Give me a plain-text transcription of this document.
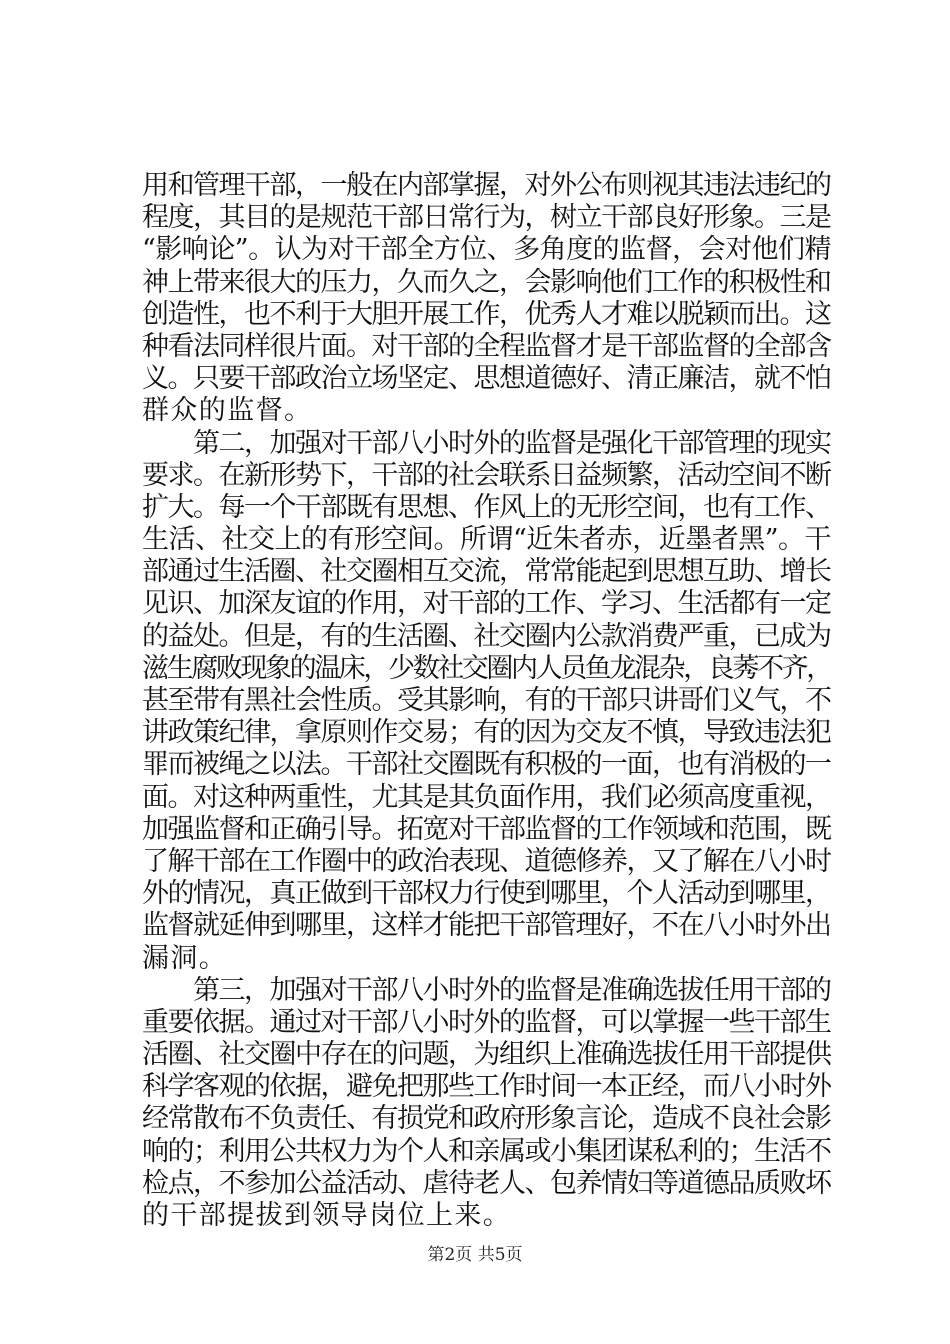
用和管理干部，一般在内部掌握，对外公布则视其违法违纪的
程度，其目的是规范干部日常行为，树立干部良好形象。三是
“影响论”。认为对干部全方位、多角度的监督，会对他们精
神上带来很大的压力，久而久之，会影响他们工作的积极性和
创造性，也不利于大胆开展工作，优秀人才难以脱颖而出。这
种看法同样很片面。对干部的全程监督才是干部监督的全部含
义。只要干部政治立场坚定、思想道德好、清正廉洁，就不怕
群众的监督。
　　第二，加强对干部八小时外的监督是强化干部管理的现实
要求。在新形势下，干部的社会联系日益频繁，活动空间不断
扩大。每一个干部既有思想、作风上的无形空间，也有工作、
生活、社交上的有形空间。所谓“近朱者赤，近墨者黑”。干
部通过生活圈、社交圈相互交流，常常能起到思想互助、增长
见识、加深友谊的作用，对干部的工作、学习、生活都有一定
的益处。但是，有的生活圈、社交圈内公款消费严重，已成为
滋生腐败现象的温床，少数社交圈内人员鱼龙混杂，良莠不齐，
甚至带有黑社会性质。受其影响，有的干部只讲哥们义气，不
讲政策纪律，拿原则作交易；有的因为交友不慎，导致违法犯
罪而被绳之以法。干部社交圈既有积极的一面，也有消极的一
面。对这种两重性，尤其是其负面作用，我们必须高度重视，
加强监督和正确引导。拓宽对干部监督的工作领域和范围，既
了解干部在工作圈中的政治表现、道德修养，又了解在八小时
外的情况，真正做到干部权力行使到哪里，个人活动到哪里，
监督就延伸到哪里，这样才能把干部管理好，不在八小时外出
漏洞。
　　第三，加强对干部八小时外的监督是准确选拔任用干部的
重要依据。通过对干部八小时外的监督，可以掌握一些干部生
活圈、社交圈中存在的问题，为组织上准确选拔任用干部提供
科学客观的依据，避免把那些工作时间一本正经，而八小时外
经常散布不负责任、有损党和政府形象言论，造成不良社会影
响的；利用公共权力为个人和亲属或小集团谋私利的；生活不
检点，不参加公益活动、虐待老人、包养情妇等道德品质败坏
的干部提拔到领导岗位上来。
第2页 共5页
